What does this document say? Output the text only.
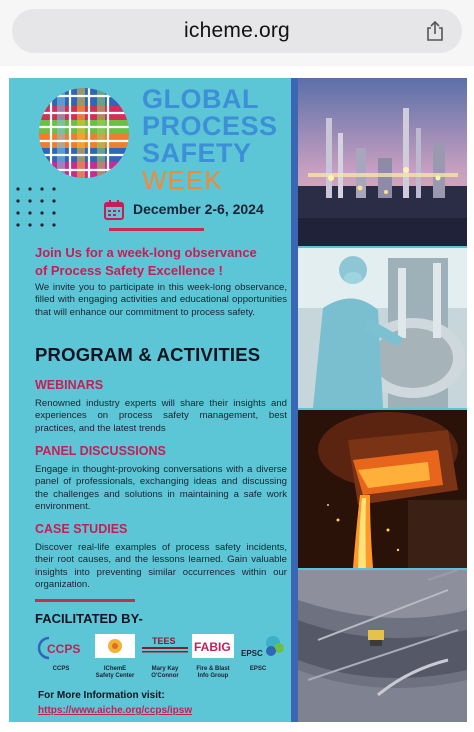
icheme.org
GLOBAL
PROCESS
SAFETY
WEEK
December 2-6, 2024
Join Us for a week-long observance
of Process Safety Excellence !
We invite you to participate in this week-long observance, filled with engaging activities and educational opportunities that will enhance our commitment to process safety.
PROGRAM & ACTIVITIES
WEBINARS
Renowned industry experts will share their insights and experiences on process safety management, best practices, and the latest trends
PANEL DISCUSSIONS
Engage in thought-provoking conversations with a diverse panel of professionals, exchanging ideas and discussing the challenges and solutions in maintaining a safe work environment.
CASE STUDIES
Discover real-life examples of process safety incidents, their root causes, and the lessons learned. Gain valuable insights into preventing similar occurrences within our organization.
FACILITATED BY-
CCPS
CCPS	IChemE
Safety Center
TEES
Mary Kay
O'Connor
FABIG
Fire & Blast
Info Group
EPSC
EPSC
For More Information visit:
https://www.aiche.org/ccps/ipsw
